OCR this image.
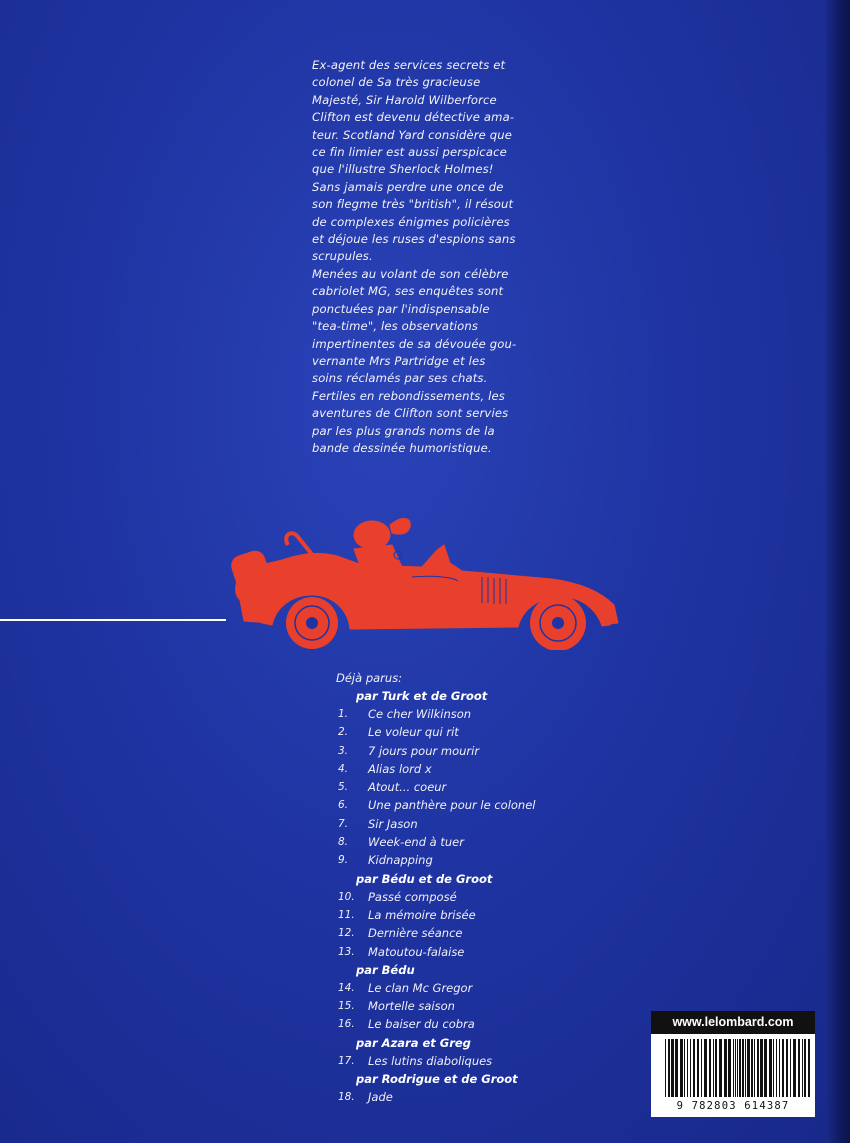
Ex-agent des services secrets et
colonel de Sa très gracieuse
Majesté, Sir Harold Wilberforce
Clifton est devenu détective ama-
teur. Scotland Yard considère que
ce fin limier est aussi perspicace
que l'illustre Sherlock Holmes!
Sans jamais perdre une once de
son flegme très "british", il résout
de complexes énigmes policières
et déjoue les ruses d'espions sans
scrupules.
Menées au volant de son célèbre
cabriolet MG, ses enquêtes sont
ponctuées par l'indispensable
"tea-time", les observations
impertinentes de sa dévouée gou-
vernante Mrs Partridge et les
soins réclamés par ses chats.
Fertiles en rebondissements, les
aventures de Clifton sont servies
par les plus grands noms de la
bande dessinée humoristique.

Déjà parus:
par Turk et de Groot
1.	Ce cher Wilkinson
2.	Le voleur qui rit
3.	7 jours pour mourir
4.	Alias lord x
5.	Atout... coeur
6.	Une panthère pour le colonel
7.	Sir Jason
8.	Week-end à tuer
9.	Kidnapping
par Bédu et de Groot
10.	Passé composé
11.	La mémoire brisée
12.	Dernière séance
13.	Matoutou-falaise
par Bédu
14.	Le clan Mc Gregor
15.	Mortelle saison
16.	Le baiser du cobra
par Azara et Greg
17.	Les lutins diaboliques
par Rodrigue et de Groot
18.	Jade
www.lelombard.com
9 782803 614387
